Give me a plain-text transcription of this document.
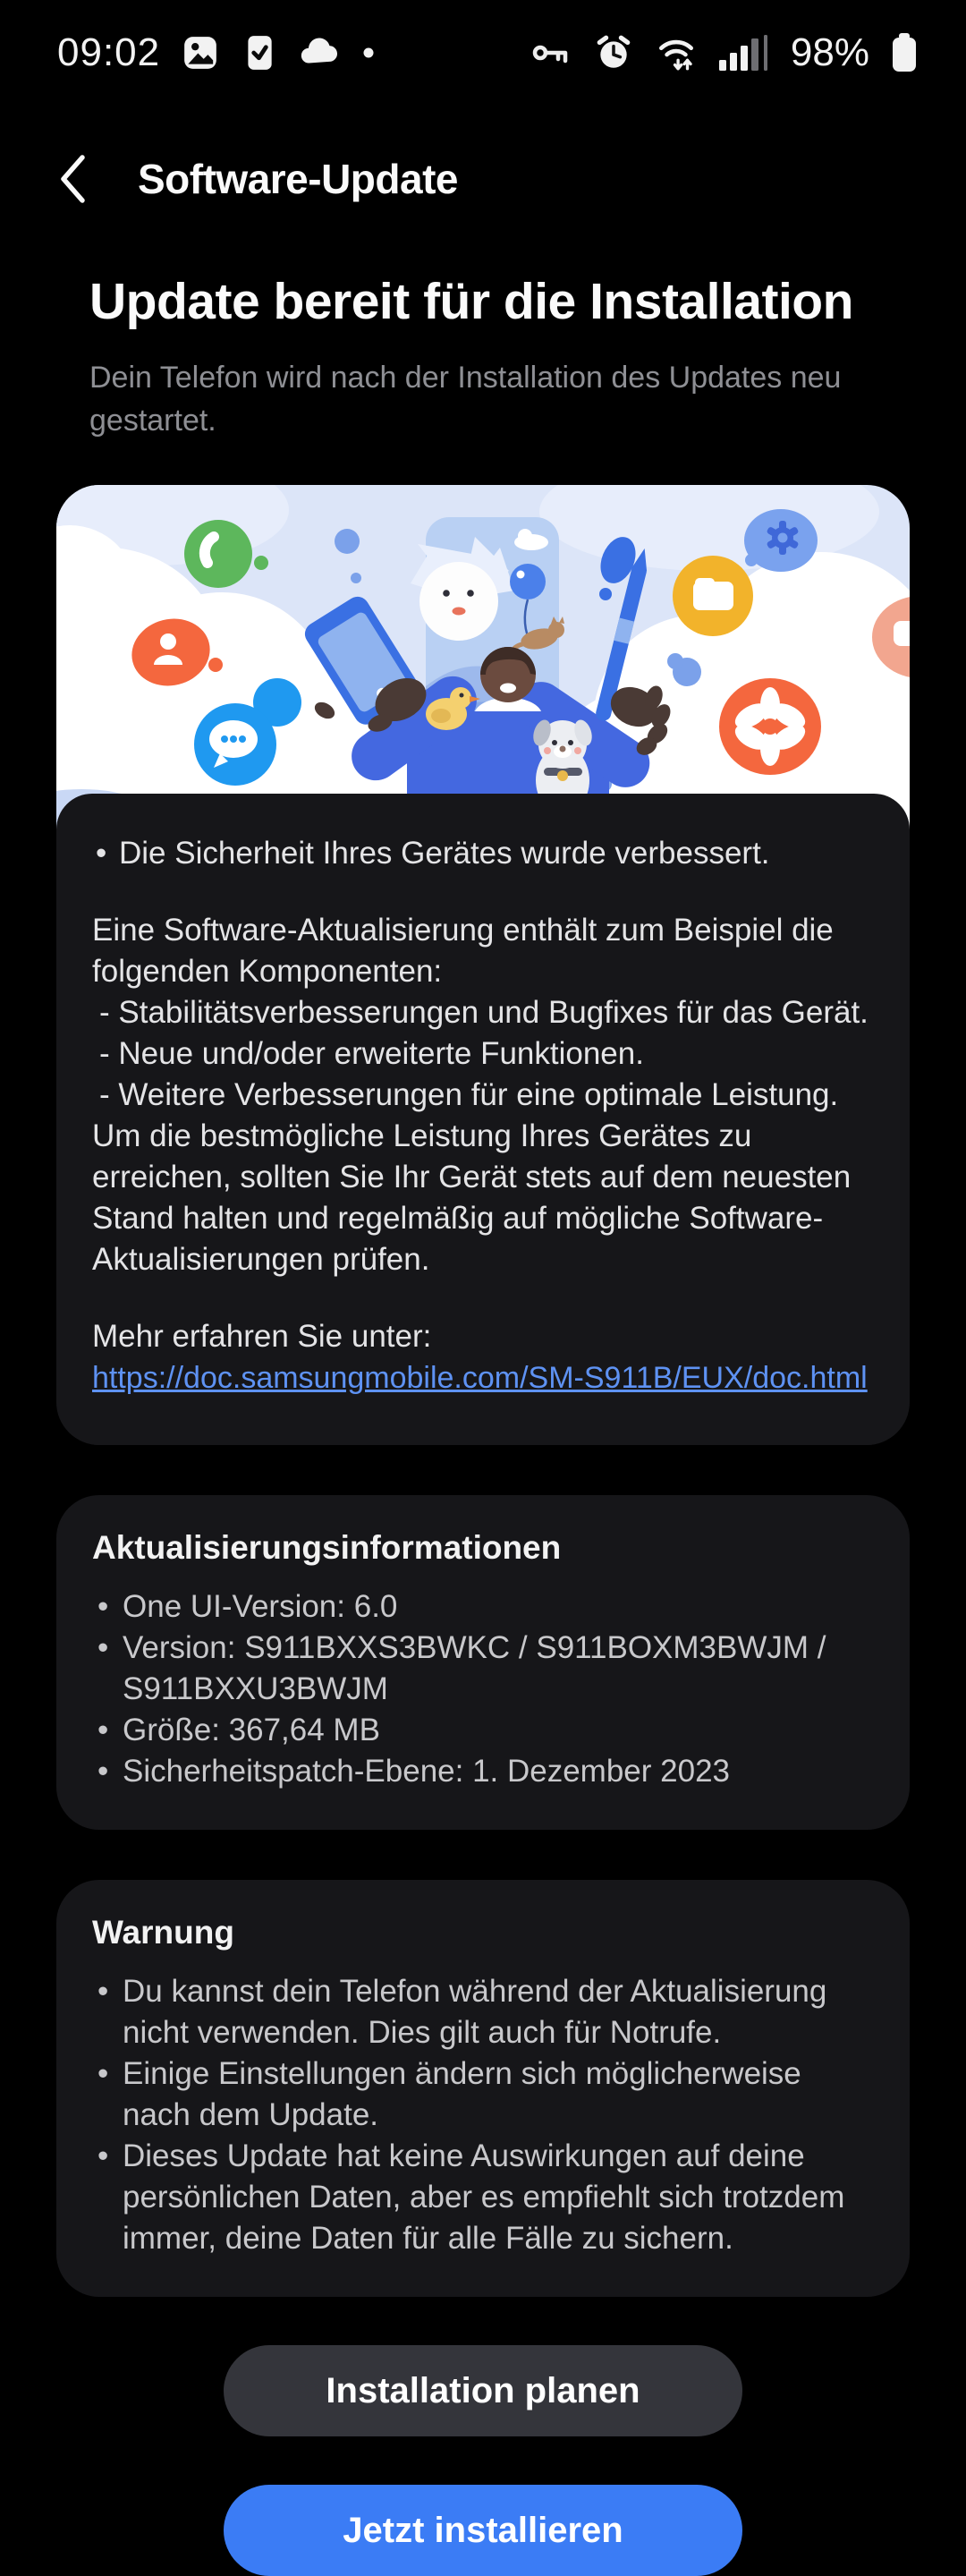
09:02	98%
Software-Update
Update bereit für die Installation
Dein Telefon wird nach der Installation des Updates neu gestartet.

• Die Sicherheit Ihres Gerätes wurde verbessert.

Eine Software-Aktualisierung enthält zum Beispiel die folgenden Komponenten:

- Stabilitätsverbesserungen und Bugfixes für das Gerät.

- Neue und/oder erweiterte Funktionen.

- Weitere Verbesserungen für eine optimale Leistung.

Um die bestmögliche Leistung Ihres Gerätes zu erreichen, sollten Sie Ihr Gerät stets auf dem neuesten Stand halten und regelmäßig auf mögliche Software-Aktualisierungen prüfen.

Mehr erfahren Sie unter:

https://doc.samsungmobile.com/SM-S911B/EUX/doc.html

Aktualisierungsinformationen
• One UI-Version: 6.0
• Version: S911BXXS3BWKC / S911BOXM3BWJM / S911BXXU3BWJM
• Größe: 367,64 MB
• Sicherheitspatch-Ebene: 1. Dezember 2023
Warnung
• Du kannst dein Telefon während der Aktualisierung nicht verwenden. Dies gilt auch für Notrufe.
• Einige Einstellungen ändern sich möglicherweise nach dem Update.
• Dieses Update hat keine Auswirkungen auf deine persönlichen Daten, aber es empfiehlt sich trotzdem immer, deine Daten für alle Fälle zu sichern.
Installation planen
Jetzt installieren
